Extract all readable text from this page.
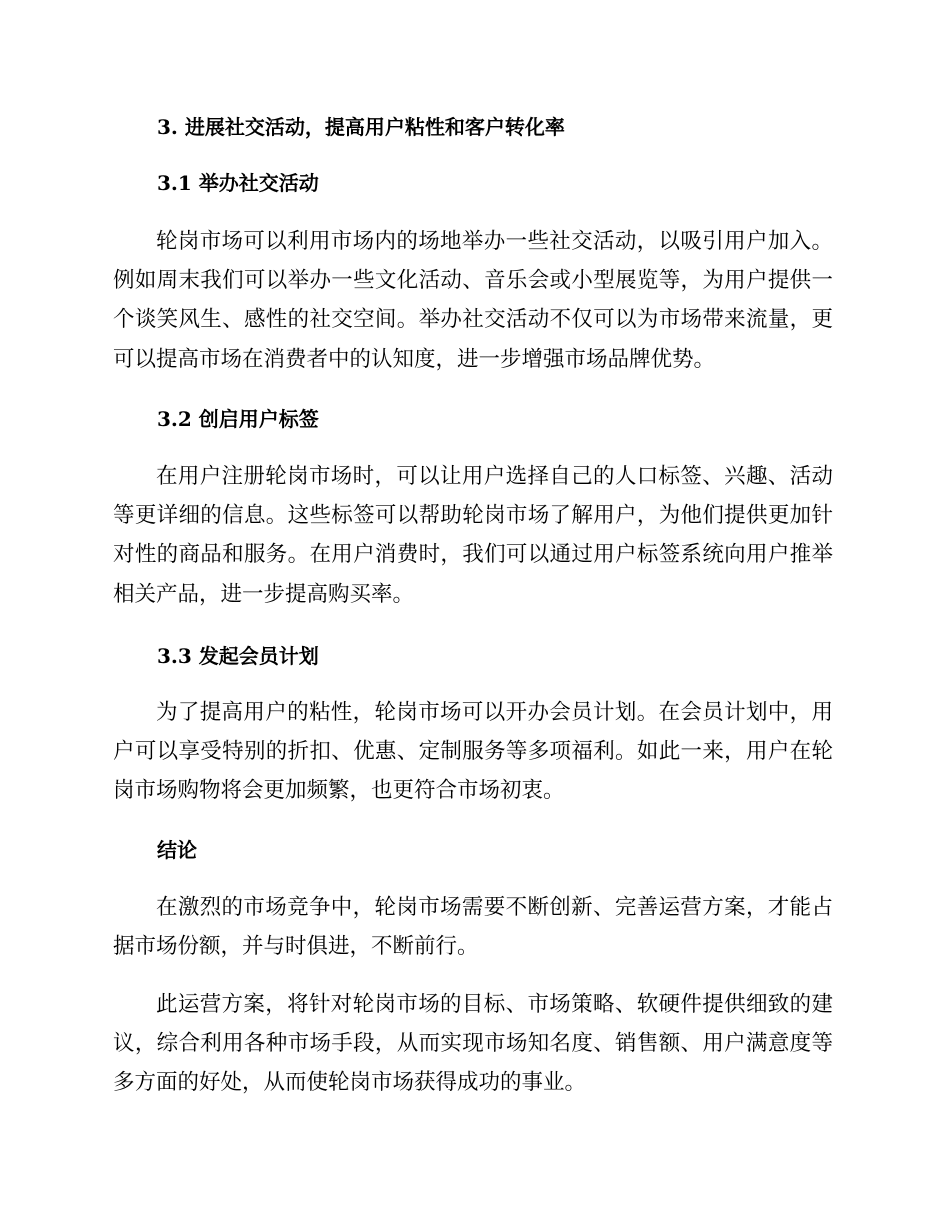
3. 进展社交活动，提高用户粘性和客户转化率
3.1 举办社交活动
轮岗市场可以利用市场内的场地举办一些社交活动，以吸引用户加入。例如周末我们可以举办一些文化活动、音乐会或小型展览等，为用户提供一个谈笑风生、感性的社交空间。举办社交活动不仅可以为市场带来流量，更可以提高市场在消费者中的认知度，进一步增强市场品牌优势。
3.2 创启用户标签
在用户注册轮岗市场时，可以让用户选择自己的人口标签、兴趣、活动等更详细的信息。这些标签可以帮助轮岗市场了解用户，为他们提供更加针对性的商品和服务。在用户消费时，我们可以通过用户标签系统向用户推举相关产品，进一步提高购买率。
3.3 发起会员计划
为了提高用户的粘性，轮岗市场可以开办会员计划。在会员计划中，用户可以享受特别的折扣、优惠、定制服务等多项福利。如此一来，用户在轮岗市场购物将会更加频繁，也更符合市场初衷。
结论
在激烈的市场竞争中，轮岗市场需要不断创新、完善运营方案，才能占据市场份额，并与时俱进，不断前行。
此运营方案，将针对轮岗市场的目标、市场策略、软硬件提供细致的建议，综合利用各种市场手段，从而实现市场知名度、销售额、用户满意度等多方面的好处，从而使轮岗市场获得成功的事业。
